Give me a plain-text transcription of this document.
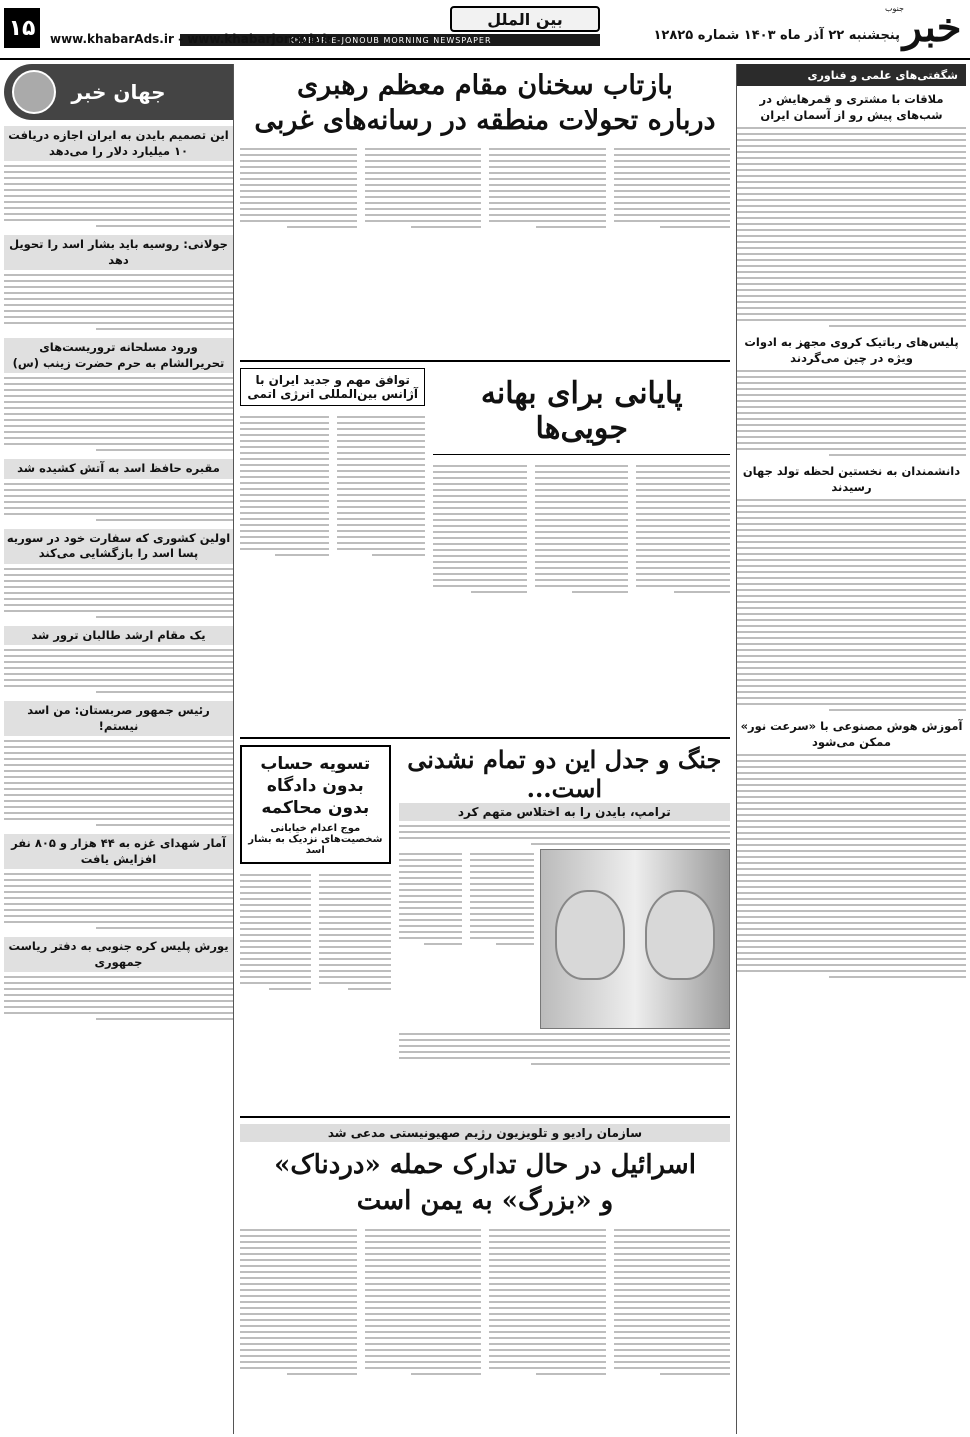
خبر
جنوب
پنجشنبه ۲۲ آذر ماه ۱۴۰۳ شماره ۱۲۸۲۵
بین الملل
KHABAR-E-JONOUB MORNING NEWSPAPER
www.khabarAds.ir - www.khabarjonoub.ir
۱۵
شگفتی‌های علمی و فناوری
ملاقات با مشتری و قمرهایش در شب‌های پیش رو از آسمان ایران
پلیس‌های رباتیک کروی مجهز به ادوات ویژه در چین می‌گردند
دانشمندان به نخستین لحظه تولد جهان رسیدند
آموزش هوش مصنوعی با «سرعت نور» ممکن می‌شود
جهان خبر
این تصمیم بایدن به ایران اجازه دریافت ۱۰ میلیارد دلار را می‌دهد
جولانی: روسیه باید بشار اسد را تحویل دهد
ورود مسلحانه تروریست‌های تحریرالشام به حرم حضرت زینب (س)
مقبره حافظ اسد به آتش کشیده شد
اولین کشوری که سفارت خود در سوریه پسا اسد را بازگشایی می‌کند
یک مقام ارشد طالبان ترور شد
رئیس جمهور صربستان: من اسد نیستم!
آمار شهدای غزه به ۴۴ هزار و ۸۰۵ نفر افزایش یافت
یورش پلیس کره جنوبی به دفتر ریاست جمهوری
بازتاب سخنان مقام معظم رهبری
درباره تحولات منطقه در رسانه‌های غربی
پایانی برای بهانه جویی‌ها
توافق مهم و جدید ایران با آژانس بین‌المللی انرژی اتمی
جنگ و جدل این دو تمام نشدنی است...
ترامپ، بایدن را به اختلاس متهم کرد
تسویه حساب بدون دادگاه بدون محاکمه
موج اعدام خیابانی شخصیت‌های نزدیک به بشار اسد
سازمان رادیو و تلویزیون رژیم صهیونیستی مدعی شد
اسرائیل در حال تدارک حمله «دردناک»
و «بزرگ» به یمن است
